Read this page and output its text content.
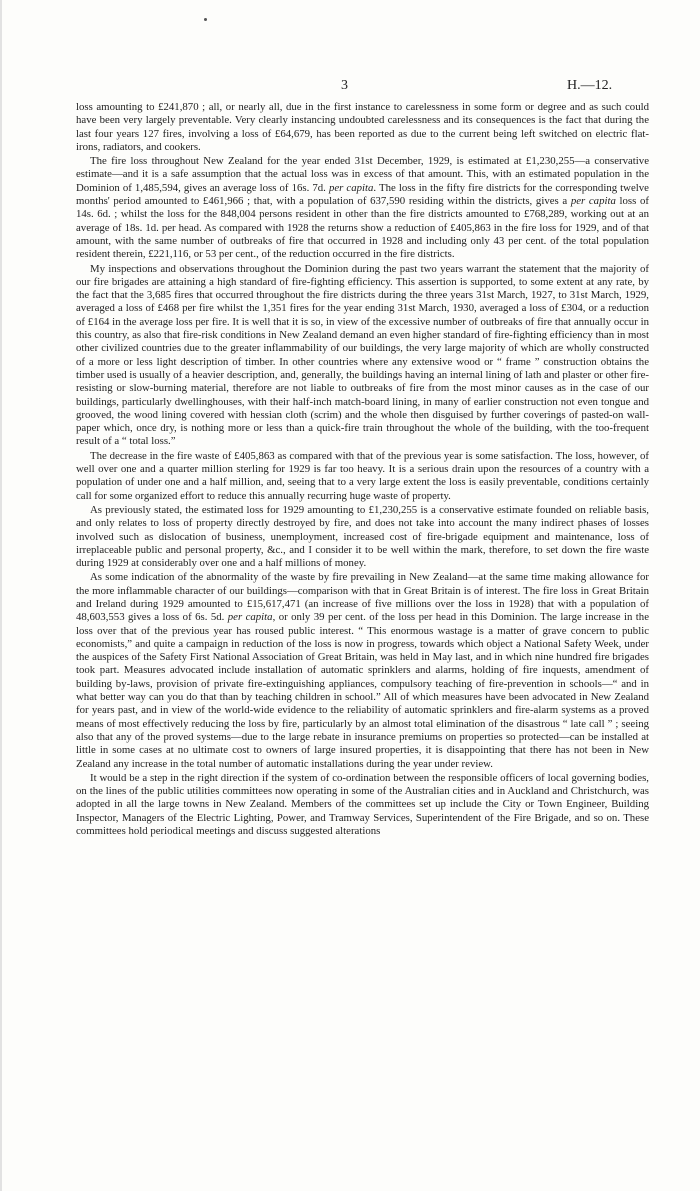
3	H.—12.

loss amounting to £241,870 ; all, or nearly all, due in the first instance to carelessness in some form or degree and as such could have been very largely preventable. Very clearly instancing undoubted carelessness and its consequences is the fact that during the last four years 127 fires, involving a loss of £64,679, has been reported as due to the current being left switched on electric flat-irons, radiators, and cookers.

The fire loss throughout New Zealand for the year ended 31st December, 1929, is estimated at £1,230,255—a conservative estimate—and it is a safe assumption that the actual loss was in excess of that amount. This, with an estimated population in the Dominion of 1,485,594, gives an average loss of 16s. 7d. per capita. The loss in the fifty fire districts for the corresponding twelve months' period amounted to £461,966 ; that, with a population of 637,590 residing within the districts, gives a per capita loss of 14s. 6d. ; whilst the loss for the 848,004 persons resident in other than the fire districts amounted to £768,289, working out at an average of 18s. 1d. per head. As compared with 1928 the returns show a reduction of £405,863 in the fire loss for 1929, and of that amount, with the same number of outbreaks of fire that occurred in 1928 and including only 43 per cent. of the total population resident therein, £221,116, or 53 per cent., of the reduction occurred in the fire districts.

My inspections and observations throughout the Dominion during the past two years warrant the statement that the majority of our fire brigades are attaining a high standard of fire-fighting efficiency. This assertion is supported, to some extent at any rate, by the fact that the 3,685 fires that occurred throughout the fire districts during the three years 31st March, 1927, to 31st March, 1929, averaged a loss of £468 per fire whilst the 1,351 fires for the year ending 31st March, 1930, averaged a loss of £304, or a reduction of £164 in the average loss per fire. It is well that it is so, in view of the excessive number of outbreaks of fire that annually occur in this country, as also that fire-risk conditions in New Zealand demand an even higher standard of fire-fighting efficiency than in most other civilized countries due to the greater inflammability of our buildings, the very large majority of which are wholly constructed of a more or less light description of timber. In other countries where any extensive wood or “ frame ” construction obtains the timber used is usually of a heavier description, and, generally, the buildings having an internal lining of lath and plaster or other fire-resisting or slow-burning material, therefore are not liable to outbreaks of fire from the most minor causes as in the case of our buildings, particularly dwellinghouses, with their half-inch match-board lining, in many of earlier construction not even tongue and grooved, the wood lining covered with hessian cloth (scrim) and the whole then disguised by further coverings of pasted-on wall-paper which, once dry, is nothing more or less than a quick-fire train throughout the whole of the building, with the too-frequent result of a “ total loss.”

The decrease in the fire waste of £405,863 as compared with that of the previous year is some satisfaction. The loss, however, of well over one and a quarter million sterling for 1929 is far too heavy. It is a serious drain upon the resources of a country with a population of under one and a half million, and, seeing that to a very large extent the loss is easily preventable, conditions certainly call for some organized effort to reduce this annually recurring huge waste of property.

As previously stated, the estimated loss for 1929 amounting to £1,230,255 is a conservative estimate founded on reliable basis, and only relates to loss of property directly destroyed by fire, and does not take into account the many indirect phases of losses involved such as dislocation of business, unemployment, increased cost of fire-brigade equipment and maintenance, loss of irreplaceable public and personal property, &c., and I consider it to be well within the mark, therefore, to set down the fire waste during 1929 at considerably over one and a half millions of money.

As some indication of the abnormality of the waste by fire prevailing in New Zealand—at the same time making allowance for the more inflammable character of our buildings—comparison with that in Great Britain is of interest. The fire loss in Great Britain and Ireland during 1929 amounted to £15,617,471 (an increase of five millions over the loss in 1928) that with a population of 48,603,553 gives a loss of 6s. 5d. per capita, or only 39 per cent. of the loss per head in this Dominion. The large increase in the loss over that of the previous year has roused public interest. “ This enormous wastage is a matter of grave concern to public economists,” and quite a campaign in reduction of the loss is now in progress, towards which object a National Safety Week, under the auspices of the Safety First National Association of Great Britain, was held in May last, and in which nine hundred fire brigades took part. Measures advocated include installation of automatic sprinklers and alarms, holding of fire inquests, amendment of building by-laws, provision of private fire-extinguishing appliances, compulsory teaching of fire-prevention in schools—“ and in what better way can you do that than by teaching children in school.” All of which measures have been advocated in New Zealand for years past, and in view of the world-wide evidence to the reliability of automatic sprinklers and fire-alarm systems as a proved means of most effectively reducing the loss by fire, particularly by an almost total elimination of the disastrous “ late call ” ; seeing also that any of the proved systems—due to the large rebate in insurance premiums on properties so protected—can be installed at little in some cases at no ultimate cost to owners of large insured properties, it is disappointing that there has not been in New Zealand any increase in the total number of automatic installations during the year under review.

It would be a step in the right direction if the system of co-ordination between the responsible officers of local governing bodies, on the lines of the public utilities committees now operating in some of the Australian cities and in Auckland and Christchurch, was adopted in all the large towns in New Zealand. Members of the committees set up include the City or Town Engineer, Building Inspector, Managers of the Electric Lighting, Power, and Tramway Services, Superintendent of the Fire Brigade, and so on. These committees hold periodical meetings and discuss suggested alterations
